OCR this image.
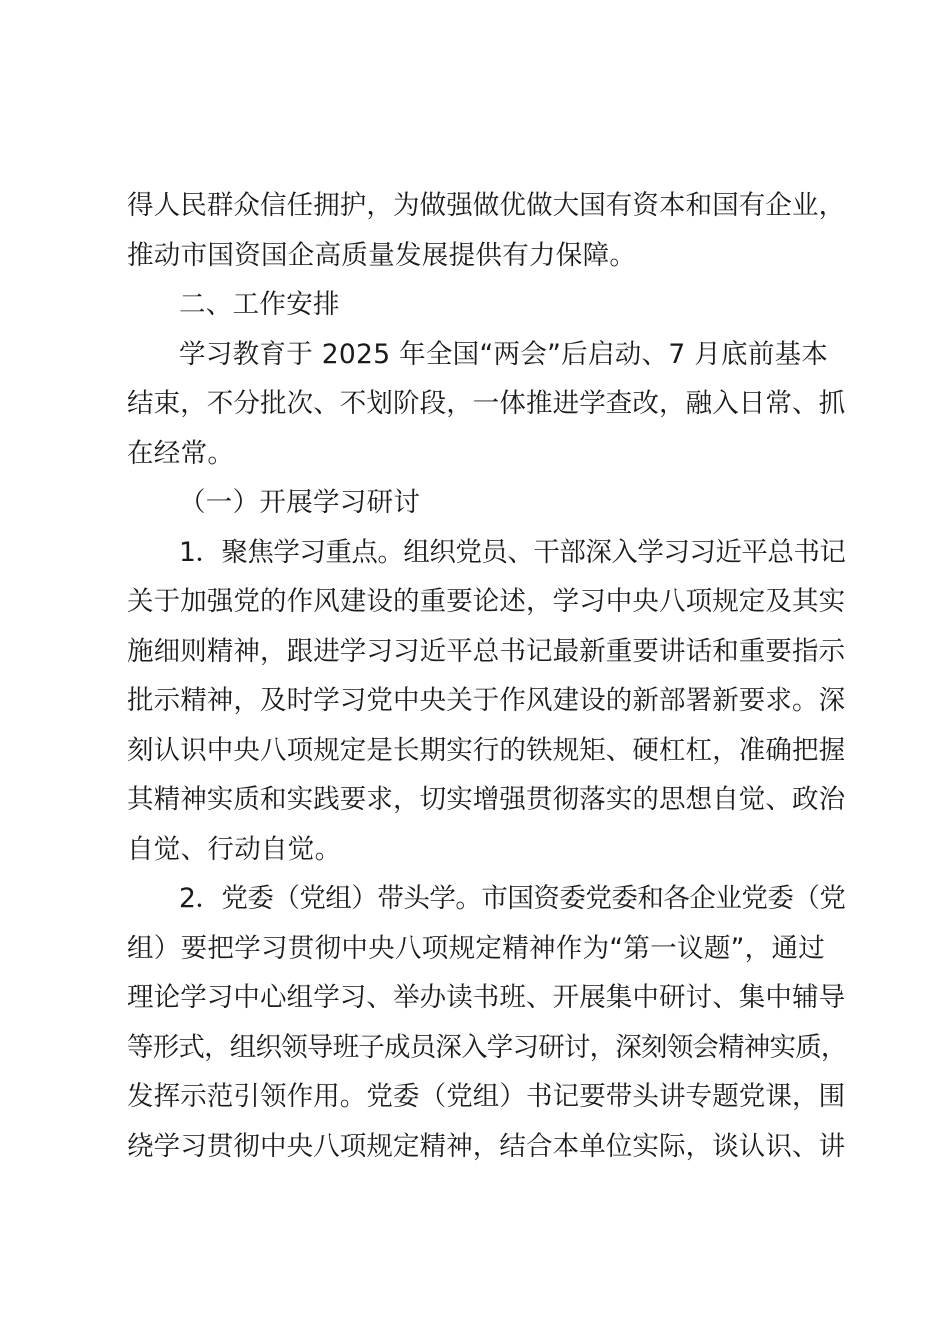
得人民群众信任拥护，为做强做优做大国有资本和国有企业，

推动市国资国企高质量发展提供有力保障。

二、工作安排

学习教育于 2025 年全国“两会”后启动、7 月底前基本

结束，不分批次、不划阶段，一体推进学查改，融入日常、抓

在经常。

（一）开展学习研讨

1．聚焦学习重点。组织党员、干部深入学习习近平总书记

关于加强党的作风建设的重要论述，学习中央八项规定及其实

施细则精神，跟进学习习近平总书记最新重要讲话和重要指示

批示精神，及时学习党中央关于作风建设的新部署新要求。深

刻认识中央八项规定是长期实行的铁规矩、硬杠杠，准确把握

其精神实质和实践要求，切实增强贯彻落实的思想自觉、政治

自觉、行动自觉。

2．党委（党组）带头学。市国资委党委和各企业党委（党

组）要把学习贯彻中央八项规定精神作为“第一议题”，通过

理论学习中心组学习、举办读书班、开展集中研讨、集中辅导

等形式，组织领导班子成员深入学习研讨，深刻领会精神实质，

发挥示范引领作用。党委（党组）书记要带头讲专题党课，围

绕学习贯彻中央八项规定精神，结合本单位实际，谈认识、讲
